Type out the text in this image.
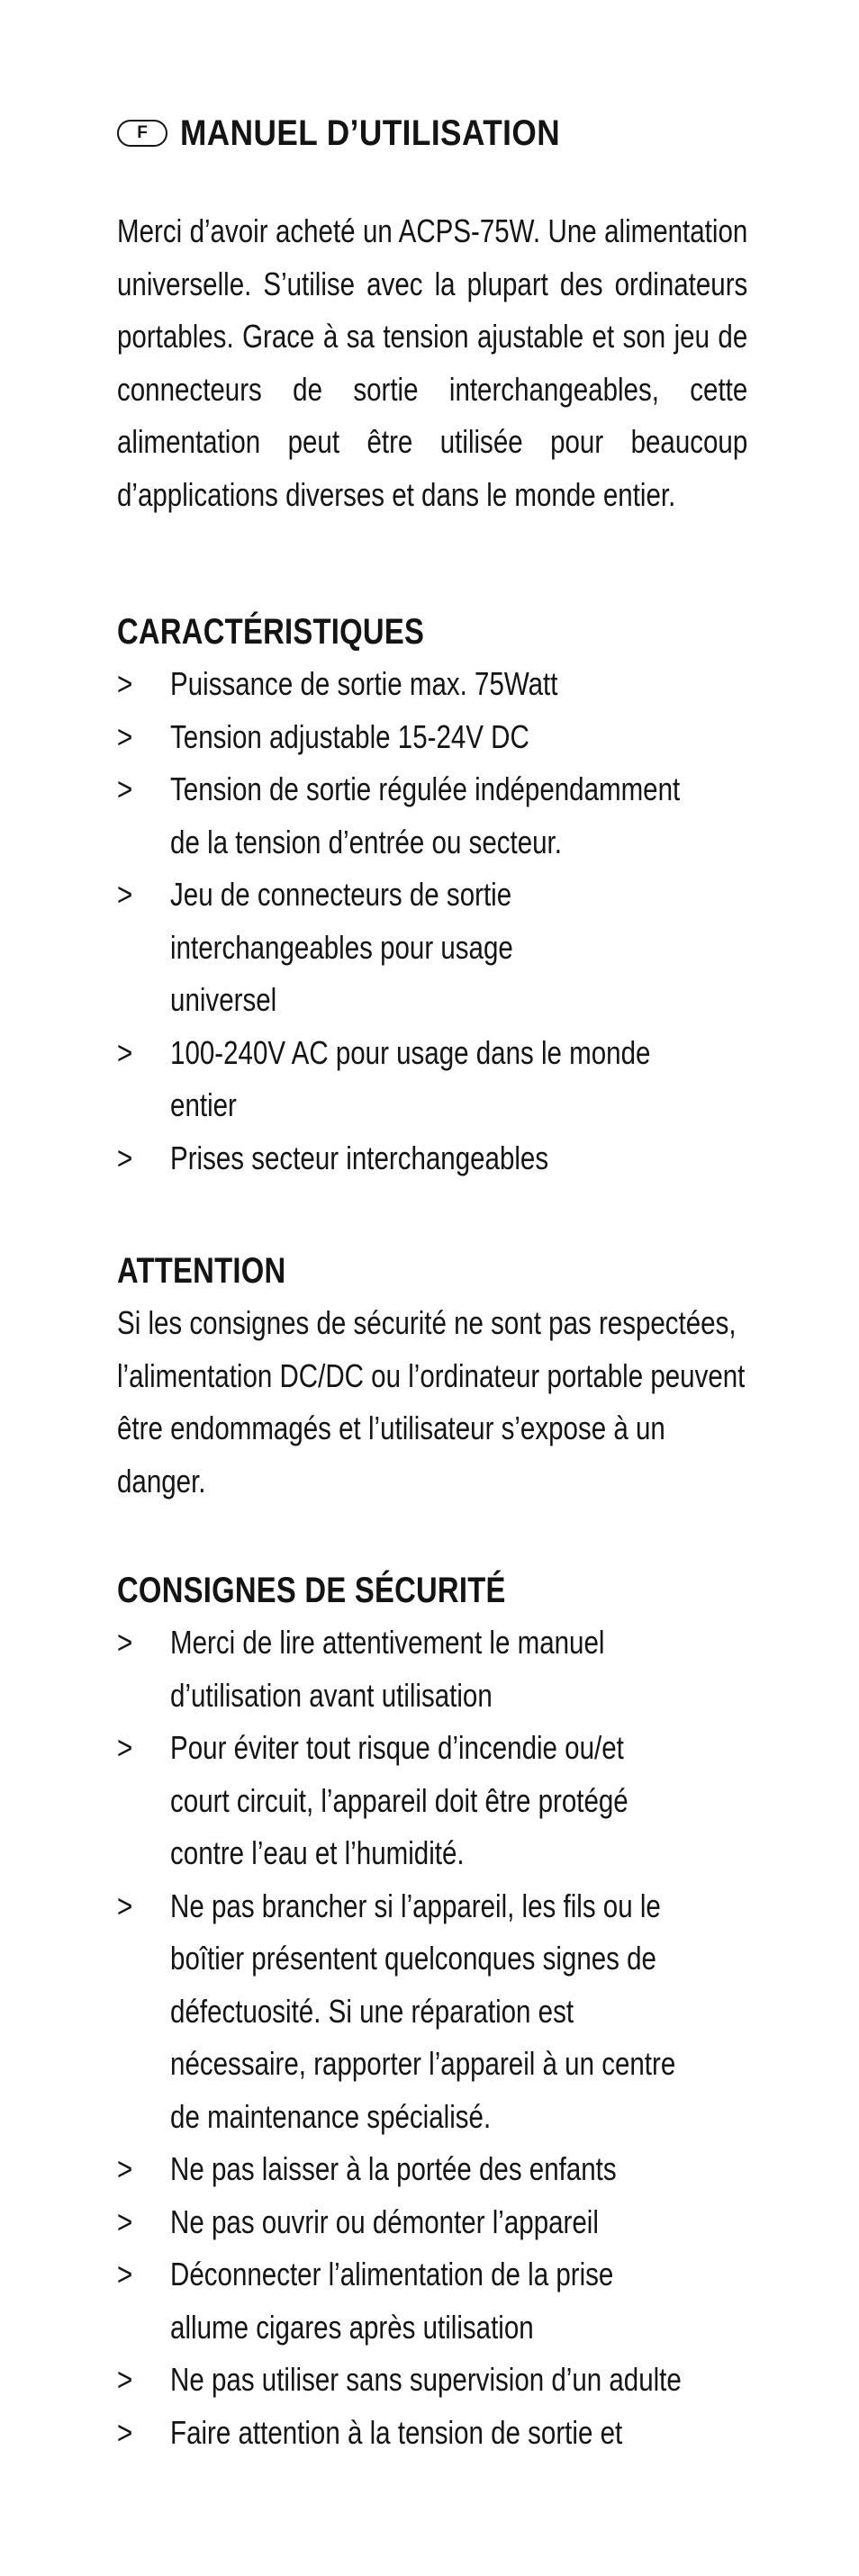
F MANUEL D’UTILISATION
Merci d’avoir acheté un ACPS-75W. Une alimentation universelle. S’utilise avec la plupart des ordinateurs portables. Grace à sa tension ajustable et son jeu de connecteurs de sortie interchangeables, cette alimentation peut être utilisée pour beaucoup d’applications diverses et dans le monde entier.
CARACTÉRISTIQUES
> Puissance de sortie max. 75Watt
> Tension adjustable 15-24V DC
> Tension de sortie régulée indépendamment de la tension d’entrée ou secteur.
> Jeu de connecteurs de sortie interchangeables pour usage universel
> 100-240V AC pour usage dans le monde entier
> Prises secteur interchangeables
ATTENTION
Si les consignes de sécurité ne sont pas respectées, l’alimentation DC/DC ou l’ordinateur portable peuvent être endommagés et l’utilisateur s’expose à un danger.
CONSIGNES DE SÉCURITÉ
> Merci de lire attentivement le manuel d’utilisation avant utilisation
> Pour éviter tout risque d’incendie ou/et court circuit, l’appareil doit être protégé contre l’eau et l’humidité.
> Ne pas brancher si l’appareil, les fils ou le boîtier présentent quelconques signes de défectuosité. Si une réparation est nécessaire, rapporter l’appareil à un centre de maintenance spécialisé.
> Ne pas laisser à la portée des enfants
> Ne pas ouvrir ou démonter l’appareil
> Déconnecter l’alimentation de la prise allume cigares après utilisation
> Ne pas utiliser sans supervision d’un adulte
> Faire attention à la tension de sortie et
